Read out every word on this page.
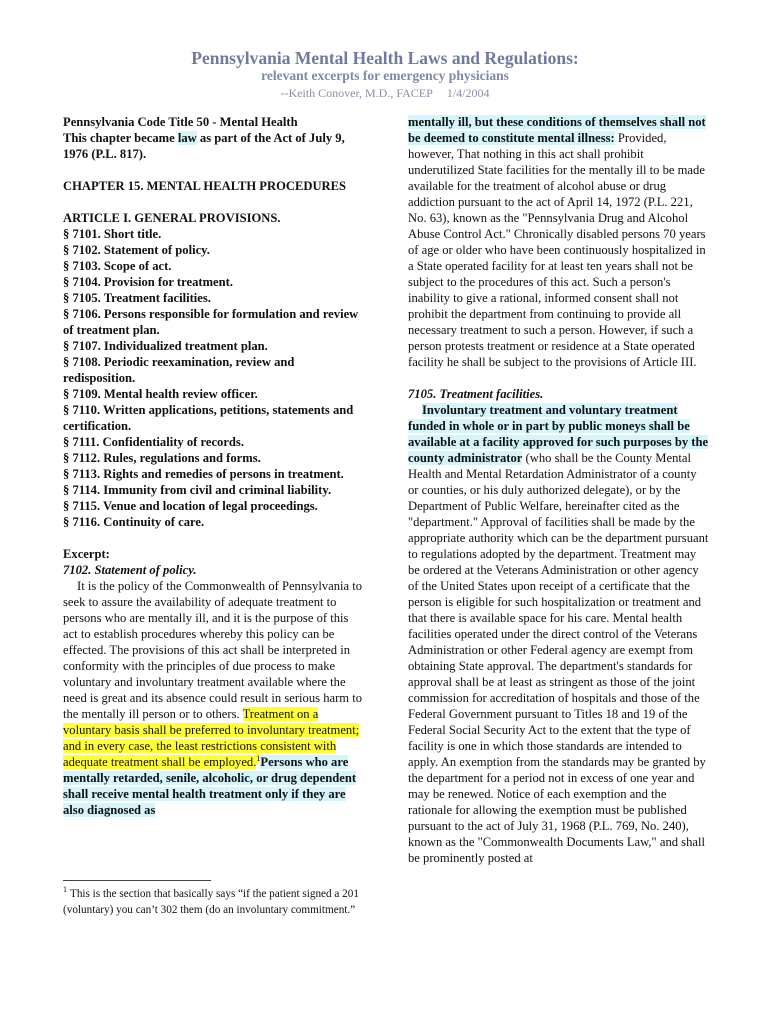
Pennsylvania Mental Health Laws and Regulations:
relevant excerpts for emergency physicians
--Keith Conover, M.D., FACEP 1/4/2004
Pennsylvania Code Title 50 - Mental Health
This chapter became law as part of the Act of July 9, 1976 (P.L. 817).
CHAPTER 15. MENTAL HEALTH PROCEDURES
ARTICLE I. GENERAL PROVISIONS.
§ 7101. Short title.
§ 7102. Statement of policy.
§ 7103. Scope of act.
§ 7104. Provision for treatment.
§ 7105. Treatment facilities.
§ 7106. Persons responsible for formulation and review of treatment plan.
§ 7107. Individualized treatment plan.
§ 7108. Periodic reexamination, review and redisposition.
§ 7109. Mental health review officer.
§ 7110. Written applications, petitions, statements and certification.
§ 7111. Confidentiality of records.
§ 7112. Rules, regulations and forms.
§ 7113. Rights and remedies of persons in treatment.
§ 7114. Immunity from civil and criminal liability.
§ 7115. Venue and location of legal proceedings.
§ 7116. Continuity of care.
Excerpt:
7102. Statement of policy.
It is the policy of the Commonwealth of Pennsylvania to seek to assure the availability of adequate treatment to persons who are mentally ill, and it is the purpose of this act to establish procedures whereby this policy can be effected. The provisions of this act shall be interpreted in conformity with the principles of due process to make voluntary and involuntary treatment available where the need is great and its absence could result in serious harm to the mentally ill person or to others. Treatment on a voluntary basis shall be preferred to involuntary treatment; and in every case, the least restrictions consistent with adequate treatment shall be employed.$^1$Persons who are mentally retarded, senile, alcoholic, or drug dependent shall receive mental health treatment only if they are also diagnosed as
$^1$ This is the section that basically says “if the patient signed a 201 (voluntary) you can’t 302 them (do an involuntary commitment.”
mentally ill, but these conditions of themselves shall not be deemed to constitute mental illness: Provided, however, That nothing in this act shall prohibit underutilized State facilities for the mentally ill to be made available for the treatment of alcohol abuse or drug addiction pursuant to the act of April 14, 1972 (P.L. 221, No. 63), known as the "Pennsylvania Drug and Alcohol Abuse Control Act." Chronically disabled persons 70 years of age or older who have been continuously hospitalized in a State operated facility for at least ten years shall not be subject to the procedures of this act. Such a person's inability to give a rational, informed consent shall not prohibit the department from continuing to provide all necessary treatment to such a person. However, if such a person protests treatment or residence at a State operated facility he shall be subject to the provisions of Article III.
7105. Treatment facilities.
Involuntary treatment and voluntary treatment funded in whole or in part by public moneys shall be available at a facility approved for such purposes by the county administrator (who shall be the County Mental Health and Mental Retardation Administrator of a county or counties, or his duly authorized delegate), or by the Department of Public Welfare, hereinafter cited as the "department." Approval of facilities shall be made by the appropriate authority which can be the department pursuant to regulations adopted by the department. Treatment may be ordered at the Veterans Administration or other agency of the United States upon receipt of a certificate that the person is eligible for such hospitalization or treatment and that there is available space for his care. Mental health facilities operated under the direct control of the Veterans Administration or other Federal agency are exempt from obtaining State approval. The department's standards for approval shall be at least as stringent as those of the joint commission for accreditation of hospitals and those of the Federal Government pursuant to Titles 18 and 19 of the Federal Social Security Act to the extent that the type of facility is one in which those standards are intended to apply. An exemption from the standards may be granted by the department for a period not in excess of one year and may be renewed. Notice of each exemption and the rationale for allowing the exemption must be published pursuant to the act of July 31, 1968 (P.L. 769, No. 240), known as the "Commonwealth Documents Law," and shall be prominently posted at
